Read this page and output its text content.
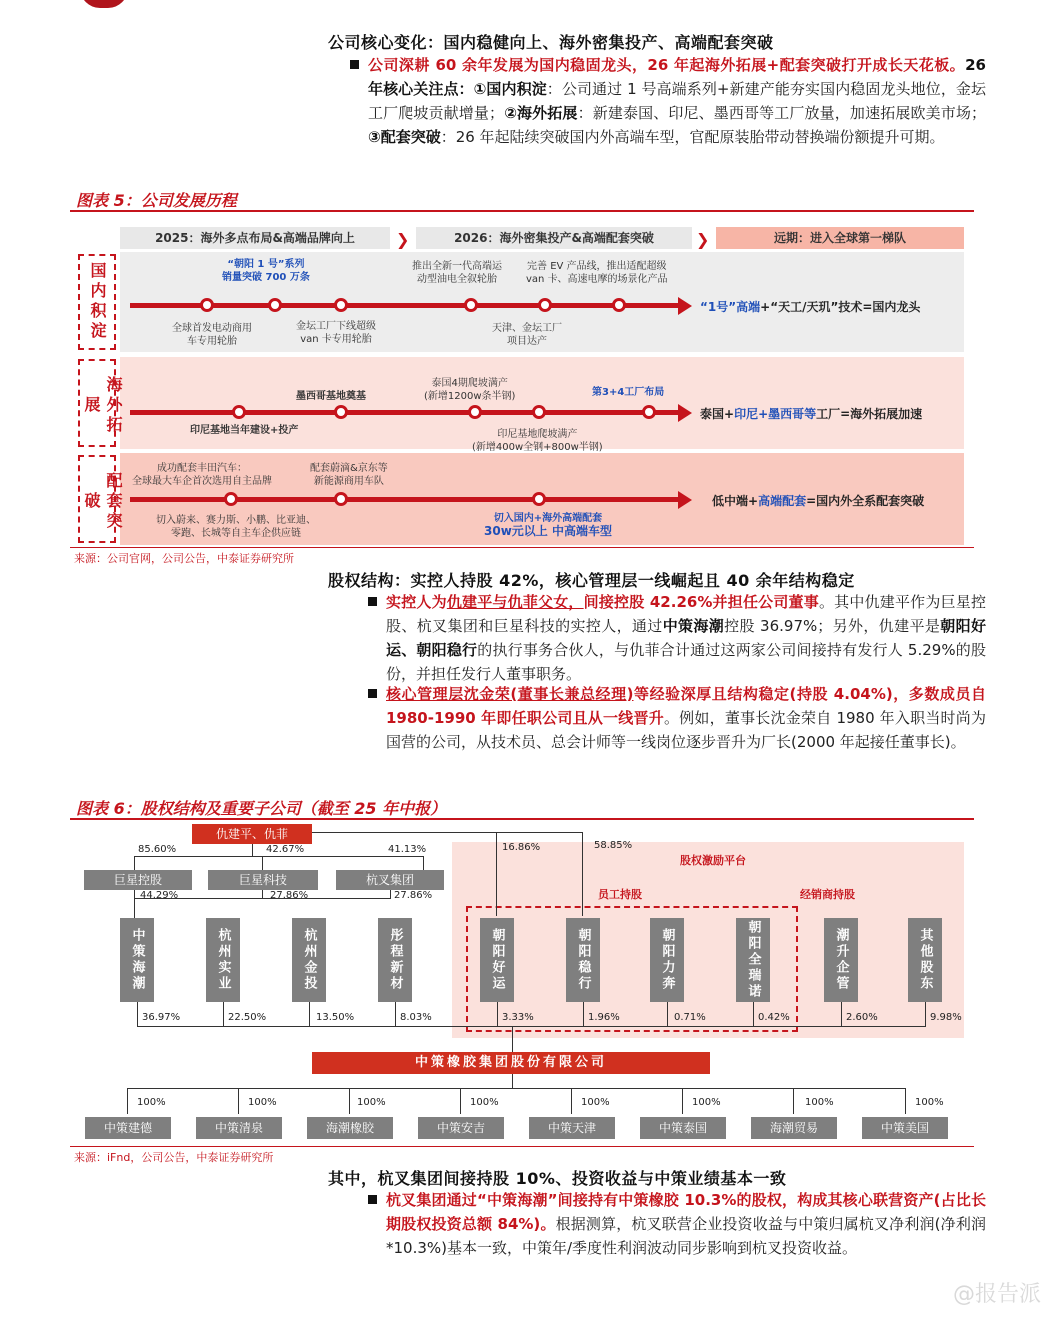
公司核心变化：国内稳健向上、海外密集投产、高端配套突破

公司深耕 60 余年发展为国内稳固龙头，26 年起海外拓展+配套突破打开成长天花板。26 年核心关注点：①国内积淀：公司通过 1 号高端系列+新建产能夯实国内稳固龙头地位，金坛工厂爬坡贡献增量；②海外拓展：新建泰国、印尼、墨西哥等工厂放量，加速拓展欧美市场；③配套突破：26 年起陆续突破国内外高端车型，官配原装胎带动替换端份额提升可期。

图表 5：公司发展历程
2025：海外多点布局&高端品牌向上	❯	2026：海外密集投产&高端配套突破	❯	远期：进入全球第一梯队
国内积淀	“朝阳 1 号”系列
销量突破 700 万条
推出全新一代高端运
动型油电全叙轮胎
完善 EV 产品线，推出适配超级
van 卡、高速电摩的场景化产品
全球首发电动商用
车专用轮胎
金坛工厂下线超级
van 卡专用轮胎
天津、金坛工厂
项目达产
“1号”高端+“天工/天玑”技术=国内龙头
海外拓展	墨西哥基地奠基
泰国4期爬坡满产
(新增1200w条半钢)	第3+4工厂布局
印尼基地当年建设+投产	印尼基地爬坡满产
(新增400w全钢+800w半钢)
泰国+印尼+墨西哥等工厂=海外拓展加速
配套突破
成功配套丰田汽车：
全球最大车企首次选用自主品牌
配套蔚滴&京东等
新能源商用车队
切入蔚来、赛力斯、小鹏、比亚迪、
零跑、长城等自主车企供应链
切入国内+海外高端配套
30w元以上 中高端车型
低中端+高端配套=国内外全系配套突破
来源：公司官网，公司公告，中泰证券研究所
股权结构：实控人持股 42%，核心管理层一线崛起且 40 余年结构稳定

实控人为仇建平与仇菲父女，间接控股 42.26%并担任公司董事。其中仇建平作为巨星控股、杭叉集团和巨星科技的实控人，通过中策海潮控股 36.97%；另外，仇建平是朝阳好运、朝阳稳行的执行事务合伙人，与仇菲合计通过这两家公司间接持有发行人 5.29%的股份，并担任发行人董事职务。

核心管理层沈金荣(董事长兼总经理)等经验深厚且结构稳定(持股 4.04%)，多数成员自 1980-1990 年即任职公司且从一线晋升。例如，董事长沈金荣自 1980 年入职当时尚为国营的公司，从技术员、总会计师等一线岗位逐步晋升为厂长(2000 年起接任董事长)。

图表 6：股权结构及重要子公司（截至 25 年中报）
股权激励平台
员工持股	经销商持股
仇建平、仇菲
85.60%	42.67%	41.13%	16.86%	58.85%
巨星控股	巨星科技	杭叉集团
44.29%	27.86%	27.86%
中策海潮	杭州实业	杭州金投	彤程新材	朝阳好运	朝阳稳行	朝阳力奔	朝阳全瑞诺	潮升企管	其他股东
36.97%	22.50%	13.50%	8.03%	3.33%	1.96%	0.71%	0.42%	2.60%	9.98%
中策橡胶集团股份有限公司
100%	100%	100%	100%	100%	100%	100%	100%
中策建德	中策清泉	海潮橡胶	中策安吉	中策天津	中策泰国	海潮贸易	中策美国
来源：iFnd，公司公告，中泰证券研究所
其中，杭叉集团间接持股 10%、投资收益与中策业绩基本一致

杭叉集团通过“中策海潮”间接持有中策橡胶 10.3%的股权，构成其核心联营资产(占比长期股权投资总额 84%)。根据测算，杭叉联营企业投资收益与中策归属杭叉净利润(净利润*10.3%)基本一致，中策年/季度性利润波动同步影响到杭叉投资收益。

@报告派
